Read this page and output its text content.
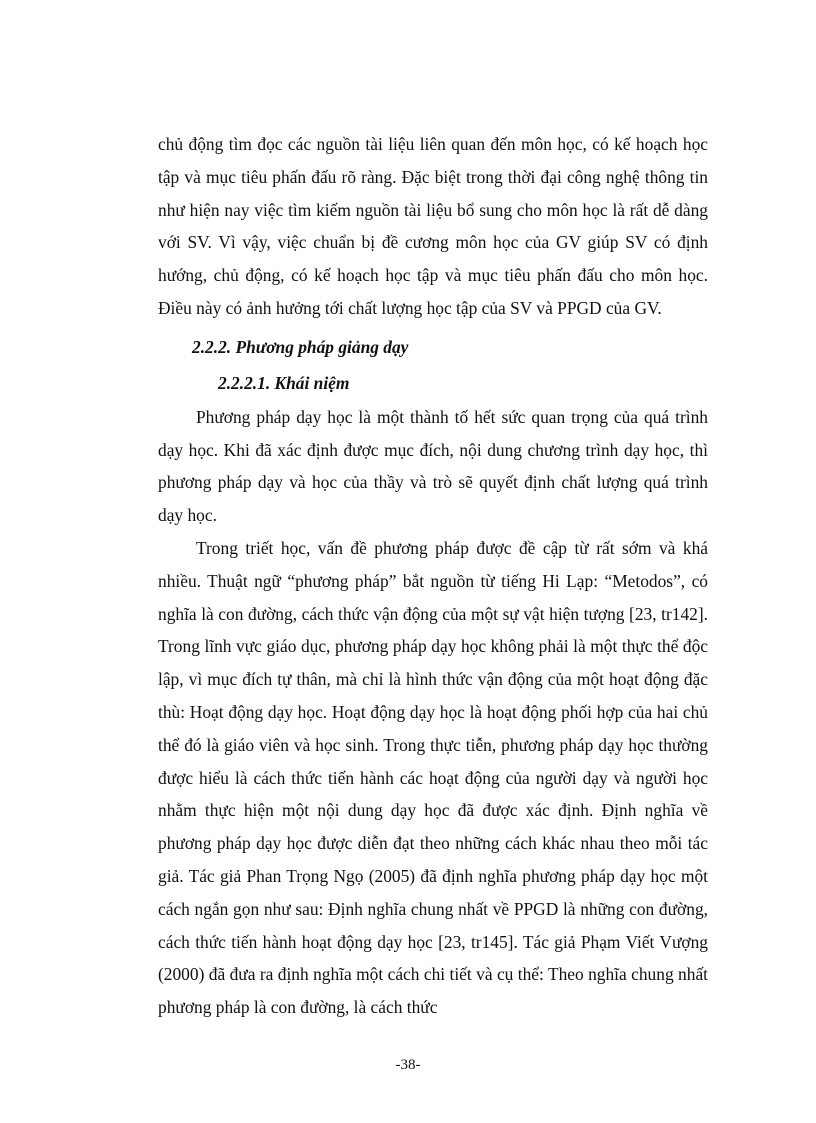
chủ động tìm đọc các nguồn tài liệu liên quan đến môn học, có kế hoạch học tập và mục tiêu phấn đấu rõ ràng. Đặc biệt trong thời đại công nghệ thông tin như hiện nay việc tìm kiếm nguồn tài liệu bổ sung cho môn học là rất dễ dàng với SV. Vì vậy, việc chuẩn bị đề cương môn học của GV giúp SV có định hướng, chủ động, có kế hoạch học tập và mục tiêu phấn đấu cho môn học. Điều này có ảnh hưởng tới chất lượng học tập của SV và PPGD của GV.

2.2.2. Phương pháp giảng dạy
2.2.2.1. Khái niệm

Phương pháp dạy học là một thành tố hết sức quan trọng của quá trình dạy học. Khi đã xác định được mục đích, nội dung chương trình dạy học, thì phương pháp dạy và học của thầy và trò sẽ quyết định chất lượng quá trình dạy học.

Trong triết học, vấn đề phương pháp được đề cập từ rất sớm và khá nhiều. Thuật ngữ “phương pháp” bắt nguồn từ tiếng Hi Lạp: “Metodos”, có nghĩa là con đường, cách thức vận động của một sự vật hiện tượng [23, tr142]. Trong lĩnh vực giáo dục, phương pháp dạy học không phải là một thực thể độc lập, vì mục đích tự thân, mà chỉ là hình thức vận động của một hoạt động đặc thù: Hoạt động dạy học. Hoạt động dạy học là hoạt động phối hợp của hai chủ thể đó là giáo viên và học sinh. Trong thực tiễn, phương pháp dạy học thường được hiểu là cách thức tiến hành các hoạt động của người dạy và người học nhằm thực hiện một nội dung dạy học đã được xác định. Định nghĩa về phương pháp dạy học được diễn đạt theo những cách khác nhau theo mỗi tác giả. Tác giả Phan Trọng Ngọ (2005) đã định nghĩa phương pháp dạy học một cách ngắn gọn như sau: Định nghĩa chung nhất về PPGD là những con đường, cách thức tiến hành hoạt động dạy học [23, tr145]. Tác giả Phạm Viết Vượng (2000) đã đưa ra định nghĩa một cách chi tiết và cụ thể: Theo nghĩa chung nhất phương pháp là con đường, là cách thức

-38-
